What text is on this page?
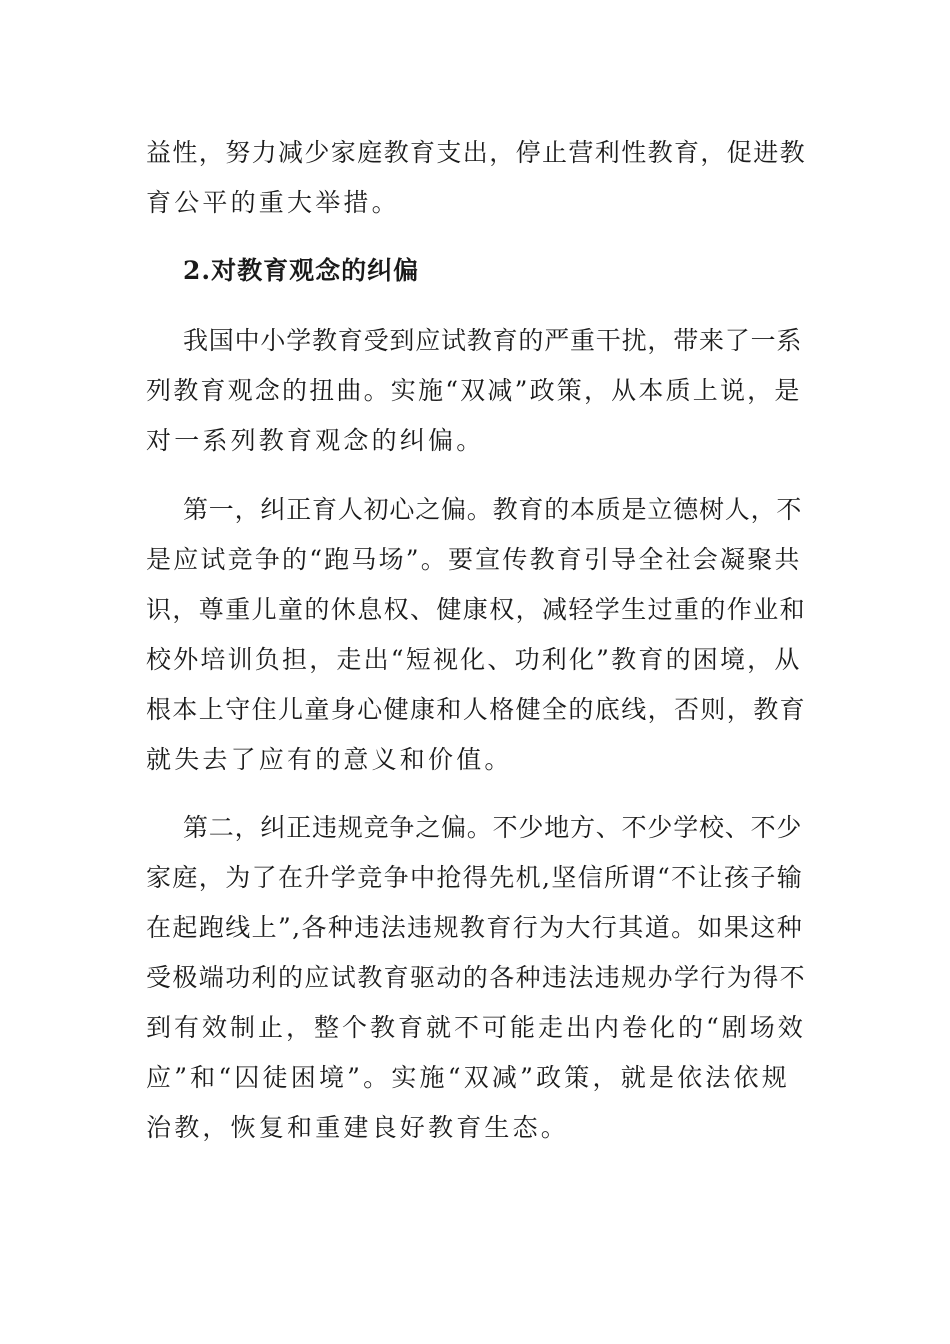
益性，努力减少家庭教育支出，停止营利性教育，促进教
育公平的重大举措。
2.对教育观念的纠偏
我国中小学教育受到应试教育的严重干扰，带来了一系
列教育观念的扭曲。实施“双减”政策，从本质上说，是
对一系列教育观念的纠偏。
第一，纠正育人初心之偏。教育的本质是立德树人，不
是应试竞争的“跑马场”。要宣传教育引导全社会凝聚共
识，尊重儿童的休息权、健康权，减轻学生过重的作业和
校外培训负担，走出“短视化、功利化”教育的困境，从
根本上守住儿童身心健康和人格健全的底线，否则，教育
就失去了应有的意义和价值。
第二，纠正违规竞争之偏。不少地方、不少学校、不少
家庭，为了在升学竞争中抢得先机,坚信所谓“不让孩子输
在起跑线上”,各种违法违规教育行为大行其道。如果这种
受极端功利的应试教育驱动的各种违法违规办学行为得不
到有效制止，整个教育就不可能走出内卷化的“剧场效
应”和“囚徒困境”。实施“双减”政策，就是依法依规
治教，恢复和重建良好教育生态。
